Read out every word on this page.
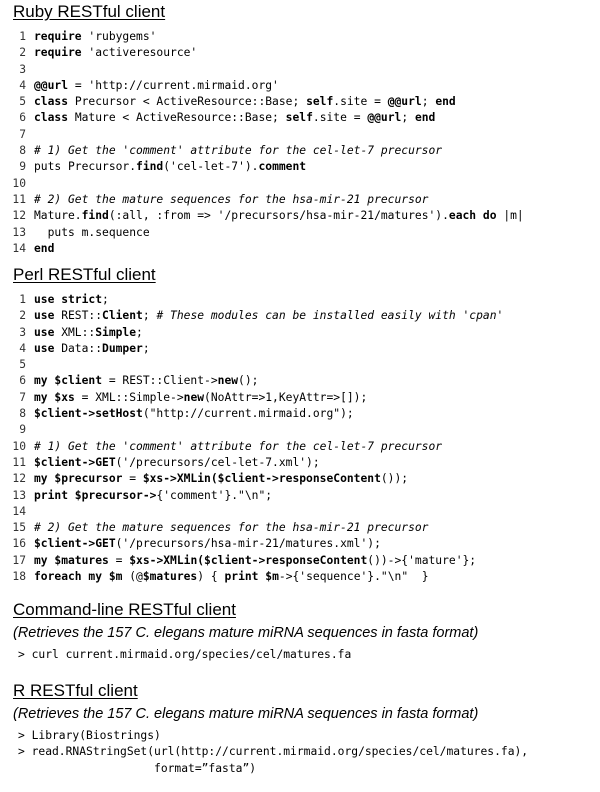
Ruby RESTful client
1 require 'rubygems'
2 require 'activeresource'
3
4 @@url = 'http://current.mirmaid.org'
5 class Precursor < ActiveResource::Base; self.site = @@url; end
6 class Mature < ActiveResource::Base; self.site = @@url; end
7
8 # 1) Get the 'comment' attribute for the cel-let-7 precursor
9 puts Precursor.find('cel-let-7').comment
10
11 # 2) Get the mature sequences for the hsa-mir-21 precursor
12 Mature.find(:all, :from => '/precursors/hsa-mir-21/matures').each do |m|
13  puts m.sequence
14 end
Perl RESTful client
1 use strict;
2 use REST::Client; # These modules can be installed easily with 'cpan'
3 use XML::Simple;
4 use Data::Dumper;
5
6 my $client = REST::Client->new();
7 my $xs = XML::Simple->new(NoAttr=>1,KeyAttr=>[]);
8 $client->setHost("http://current.mirmaid.org");
9
10 # 1) Get the 'comment' attribute for the cel-let-7 precursor
11 $client->GET('/precursors/cel-let-7.xml');
12 my $precursor = $xs->XMLin($client->responseContent());
13 print $precursor->{'comment'}."\n";
14
15 # 2) Get the mature sequences for the hsa-mir-21 precursor
16 $client->GET('/precursors/hsa-mir-21/matures.xml');
17 my $matures = $xs->XMLin($client->responseContent())->{'mature'};
18 foreach my $m (@$matures) { print $m->{'sequence'}."\n"  }
Command-line RESTful client
(Retrieves the 157 C. elegans mature miRNA sequences in fasta format)
> curl current.mirmaid.org/species/cel/matures.fa
R RESTful client
(Retrieves the 157 C. elegans mature miRNA sequences in fasta format)
> Library(Biostrings)
> read.RNAStringSet(url(http://current.mirmaid.org/species/cel/matures.fa),
format=”fasta”)
